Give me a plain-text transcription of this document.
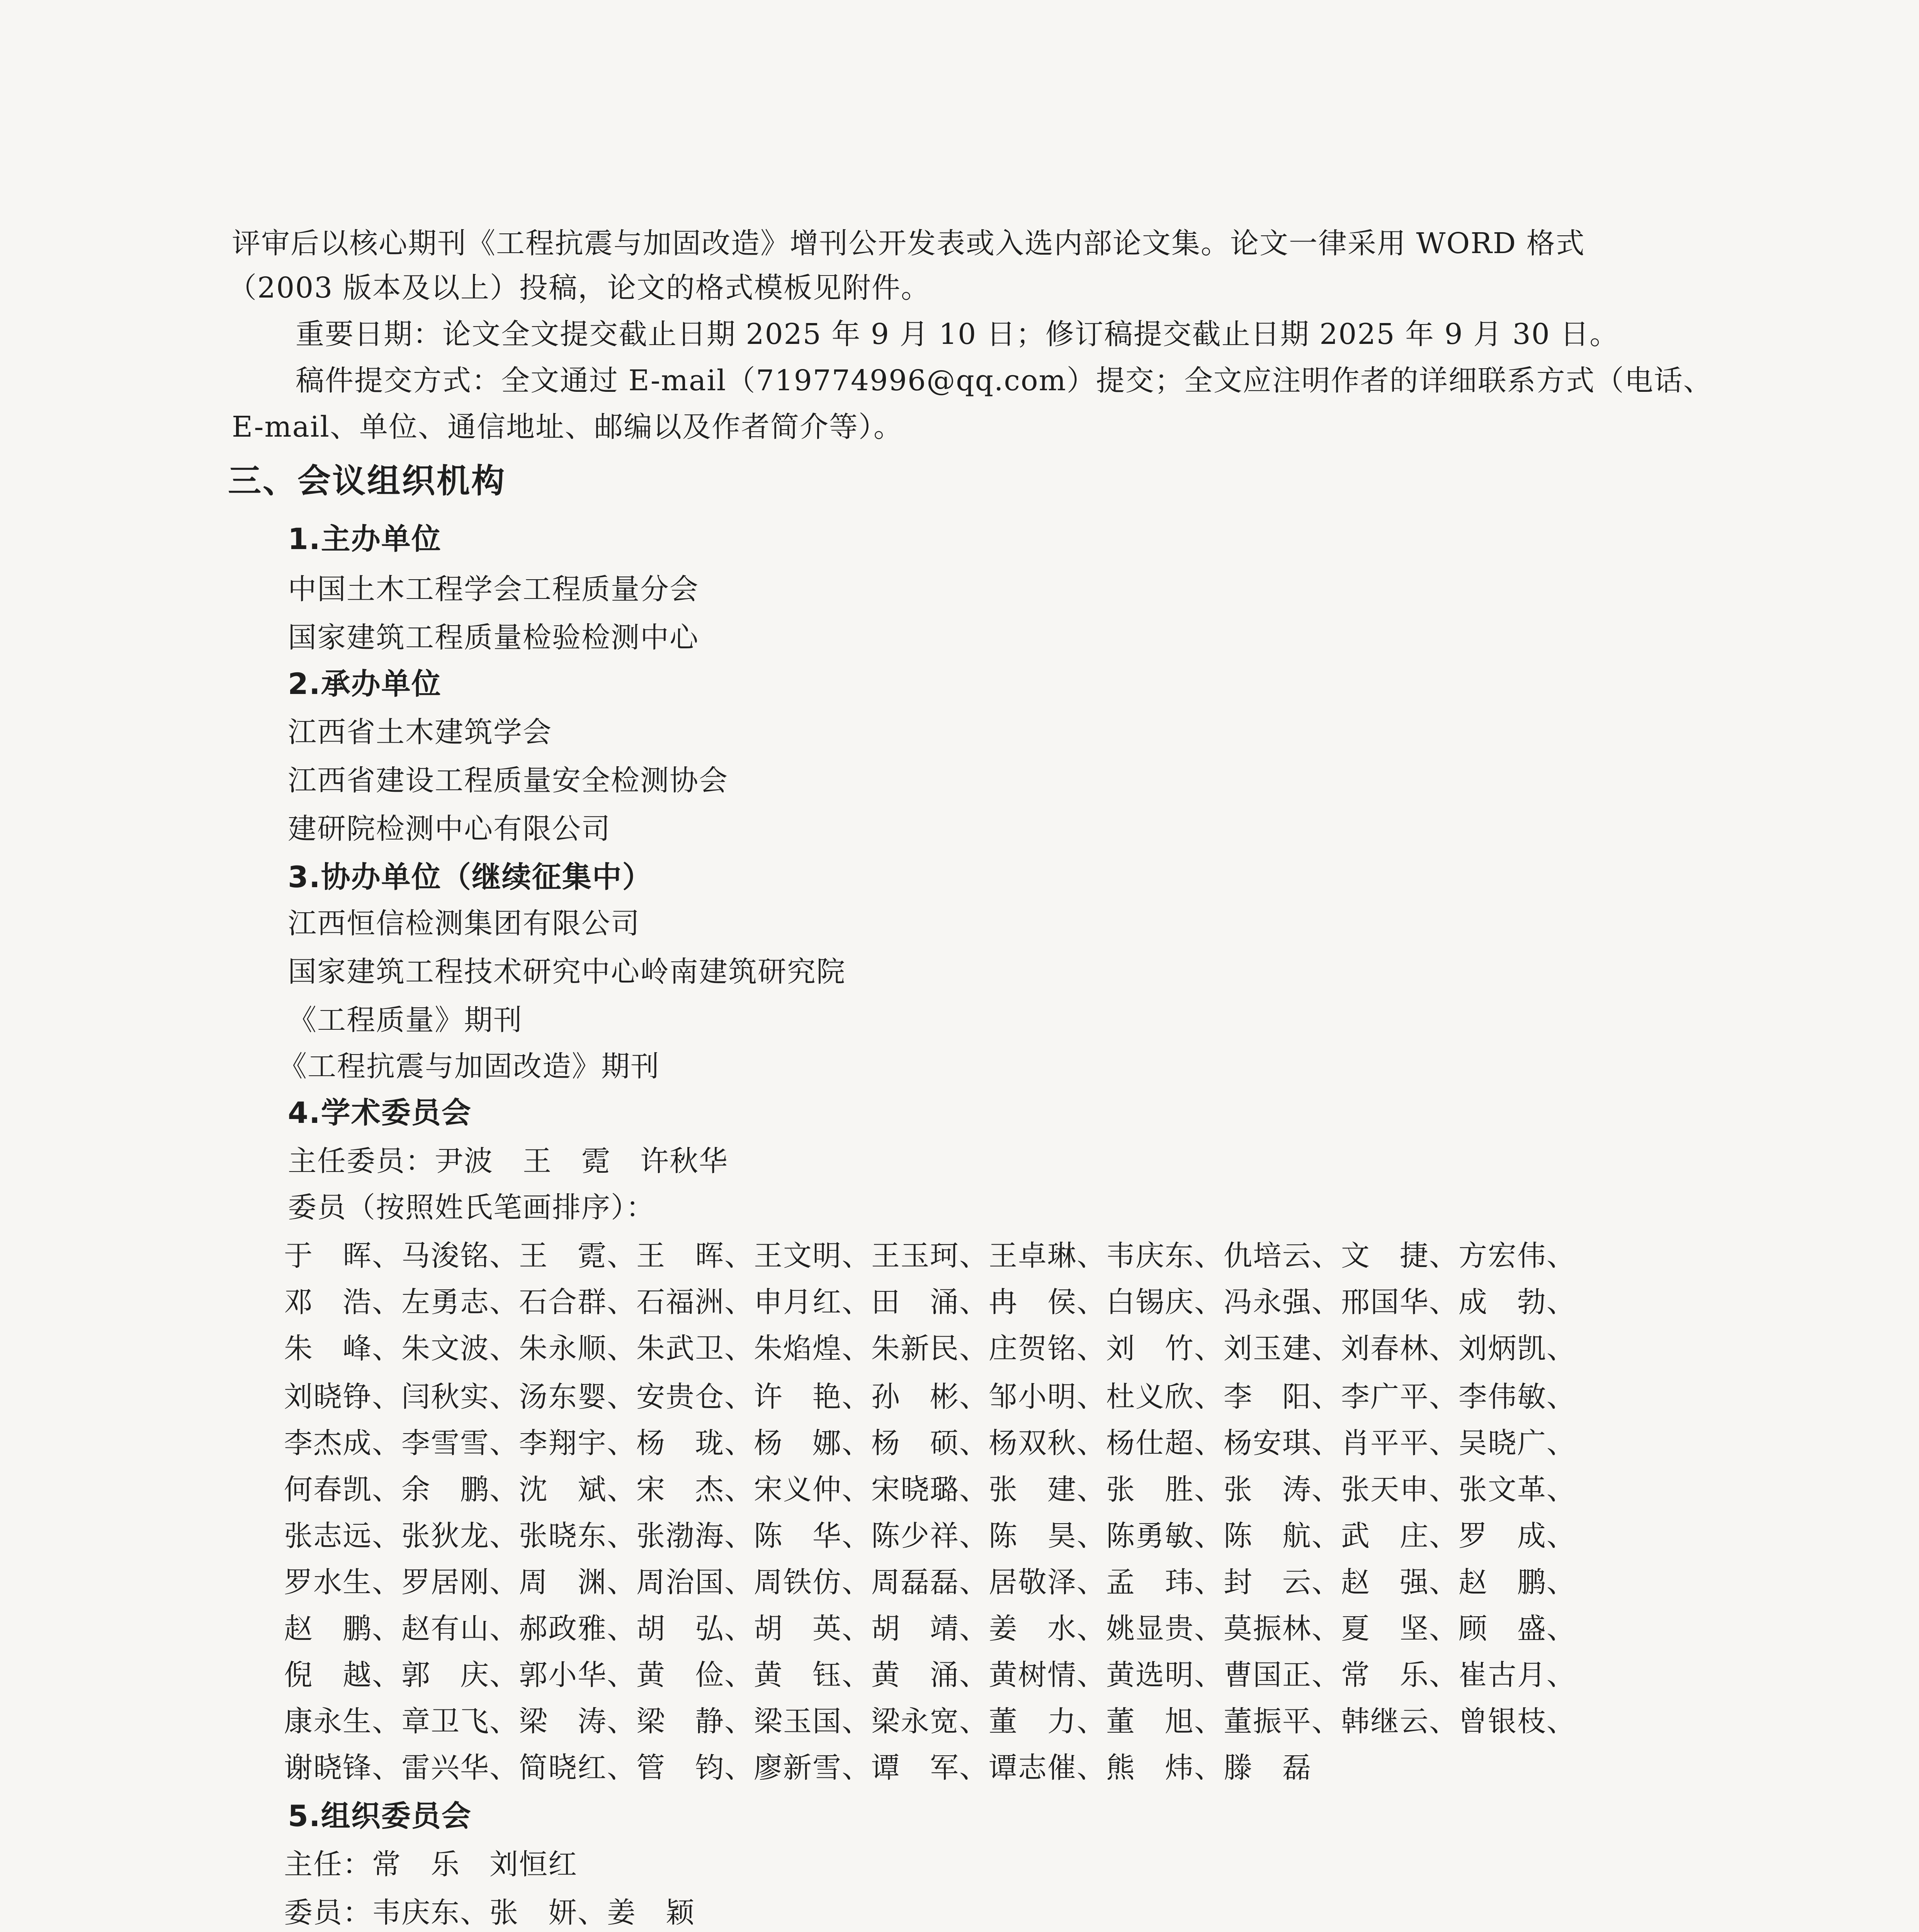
评审后以核心期刊《工程抗震与加固改造》增刊公开发表或入选内部论文集。论文一律采用 WORD 格式
（2003 版本及以上）投稿，论文的格式模板见附件。
重要日期：论文全文提交截止日期 2025 年 9 月 10 日；修订稿提交截止日期 2025 年 9 月 30 日。
稿件提交方式：全文通过 E-mail（719774996@qq.com）提交；全文应注明作者的详细联系方式（电话、
E-mail、单位、通信地址、邮编以及作者简介等）。
三、会议组织机构
1.主办单位
中国土木工程学会工程质量分会
国家建筑工程质量检验检测中心
2.承办单位
江西省土木建筑学会
江西省建设工程质量安全检测协会
建研院检测中心有限公司
3.协办单位（继续征集中）
江西恒信检测集团有限公司
国家建筑工程技术研究中心岭南建筑研究院
《工程质量》期刊
《工程抗震与加固改造》期刊
4.学术委员会
主任委员：尹波　王　霓　许秋华
委员（按照姓氏笔画排序）：
于　晖、马浚铭、王　霓、王　晖、王文明、王玉珂、王卓琳、韦庆东、仇培云、文　捷、方宏伟、
邓　浩、左勇志、石合群、石福洲、申月红、田　涌、冉　侯、白锡庆、冯永强、邢国华、成　勃、
朱　峰、朱文波、朱永顺、朱武卫、朱焰煌、朱新民、庄贺铭、刘　竹、刘玉建、刘春林、刘炳凯、
刘晓铮、闫秋实、汤东婴、安贵仓、许　艳、孙　彬、邹小明、杜义欣、李　阳、李广平、李伟敏、
李杰成、李雪雪、李翔宇、杨　珑、杨　娜、杨　硕、杨双秋、杨仕超、杨安琪、肖平平、吴晓广、
何春凯、余　鹏、沈　斌、宋　杰、宋义仲、宋晓璐、张　建、张　胜、张　涛、张天申、张文革、
张志远、张狄龙、张晓东、张渤海、陈　华、陈少祥、陈　昊、陈勇敏、陈　航、武　庄、罗　成、
罗水生、罗居刚、周　渊、周治国、周铁仿、周磊磊、居敬泽、孟　玮、封　云、赵　强、赵　鹏、
赵　鹏、赵有山、郝政雅、胡　弘、胡　英、胡　靖、姜　水、姚显贵、莫振林、夏　坚、顾　盛、
倪　越、郭　庆、郭小华、黄　俭、黄　钰、黄　涌、黄树情、黄选明、曹国正、常　乐、崔古月、
康永生、章卫飞、梁　涛、梁　静、梁玉国、梁永宽、董　力、董　旭、董振平、韩继云、曾银枝、
谢晓锋、雷兴华、简晓红、管　钧、廖新雪、谭　军、谭志催、熊　炜、滕　磊
5.组织委员会
主任：常　乐　刘恒红
委员：韦庆东、张　妍、姜　颖
